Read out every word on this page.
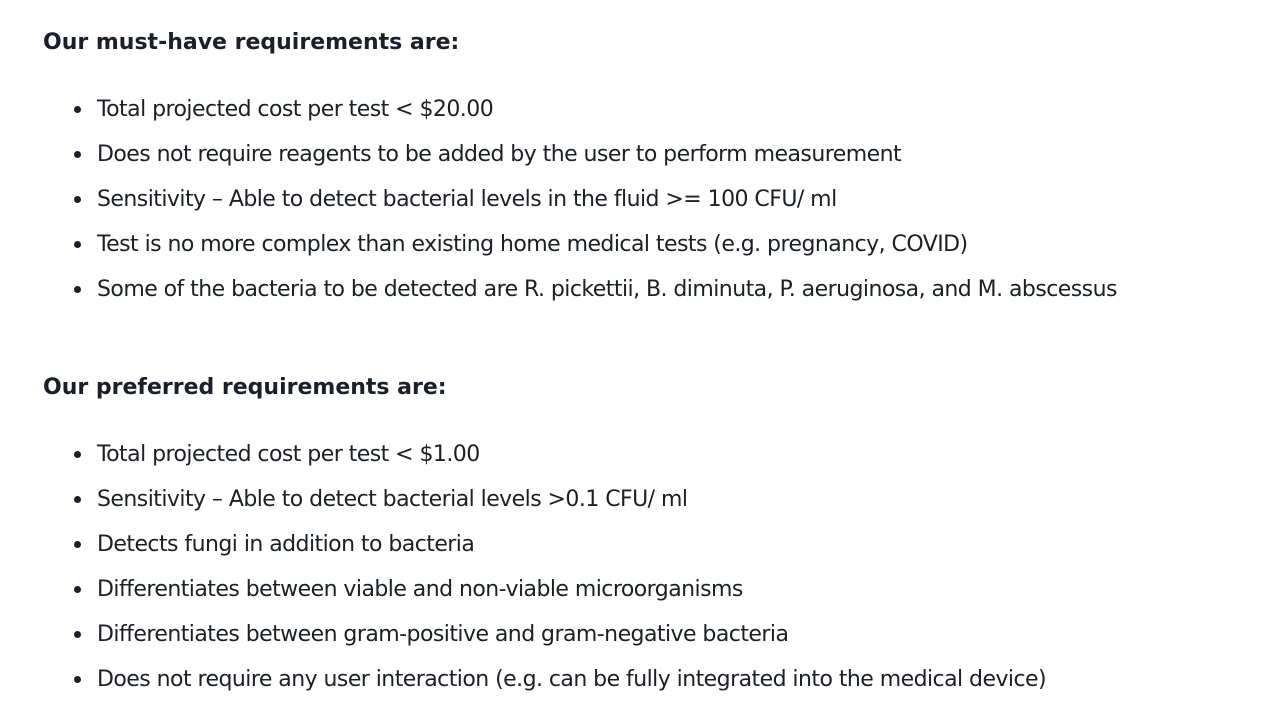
Our must-have requirements are:
Total projected cost per test < $20.00
Does not require reagents to be added by the user to perform measurement
Sensitivity – Able to detect bacterial levels in the fluid >= 100 CFU/ ml
Test is no more complex than existing home medical tests (e.g. pregnancy, COVID)
Some of the bacteria to be detected are R. pickettii, B. diminuta, P. aeruginosa, and M. abscessus
Our preferred requirements are:
Total projected cost per test < $1.00
Sensitivity – Able to detect bacterial levels >0.1 CFU/ ml
Detects fungi in addition to bacteria
Differentiates between viable and non-viable microorganisms
Differentiates between gram-positive and gram-negative bacteria
Does not require any user interaction (e.g. can be fully integrated into the medical device)
